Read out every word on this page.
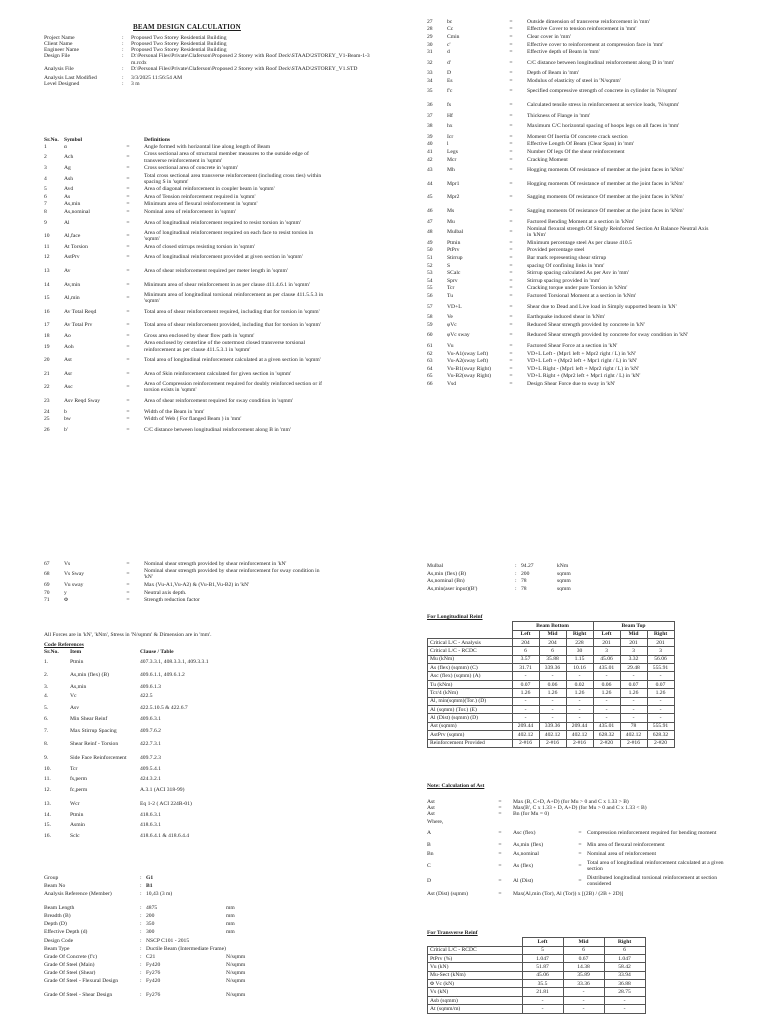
BEAM DESIGN CALCULATION
Project Name	:	Proposed Two Storey Residential Building
Client Name	:	Proposed Two Storey Residential Building
Engineer Name	:	Proposed Two Storey Residential Building
Design File	:	D:\Personal Files\Private\Claferson\Proposed 2 Storey with Roof Deck\STAAD\2STOREY_V1-Beam-1-3 m.rcdx
Analysis File	:	D:\Personal Files\Private\Claferson\Proposed 2 Storey with Roof Deck\STAAD\2STOREY_V1.STD

Analysis Last Modified	:	3/3/2025 11:56:54 AM
Level Designed	:	3 m
Sr.No.	Symbol		Definitions
1	α	=	Angle formed with horizontal line along length of Beam
2	Ach	=	Cross sectional area of structural member measures to the outside edge of transverse reinforcement in 'sqmm'
3	Ag	=	Cross sectional area of concrete in 'sqmm'
4	Ash	=	Total cross sectional area transverse reinforcement (including cross ties) within spacing S in 'sqmm'
5	Avd	=	Area of diagonal reinforcement in coupler beam in 'sqmm'
6	As	=	Area of Tension reinforcement required in 'sqmm'
7	As,min	=	Minimum area of flexural reinforcement in 'sqmm'
8	As,nominal	=	Nominal area of reinforcement in 'sqmm'
9	Al	=	Area of longitudinal reinforcement required to resist torsion in 'sqmm'
10	Al,face	=	Area of longitudinal reinforcement required on each face to resist torsion in 'sqmm'
11	At Torsion	=	Area of closed stirrups resisting torsion in 'sqmm'
12	AstPrv	=	Area of longitudinal reinforcement provided at given section in 'sqmm'
13	Av	=	Area of shear reinforcement required per meter length in 'sqmm'
14	Av,min	=	Minimum area of shear reinforcement in as per clause 411.4.6.1 in 'sqmm'
15	Al,min	=	Minimum area of longitudinal torsional reinforcement as per clause 411.5.5.3 in 'sqmm'
16	Av Total Reqd	=	Total area of shear reinforcement required, including that for torsion in 'sqmm'
17	Av Total Prv	=	Total area of shear reinforcement provided, including that for torsion in 'sqmm'
18	Ao	=	Gross area enclosed by shear flow path in 'sqmm'
19	Aoh	=	Area enclosed by centerline of the outermost closed transverse torsional reinforcement as per clause 411.5.3.1 in 'sqmm'
20	Ast	=	Total area of longitudinal reinforcement calculated at a given section in 'sqmm'
21	Asr	=	Area of Skin reinforcement calculated for given section in 'sqmm'
22	Asc	=	Area of Compression reinforcement required for doubly reinforced section or if torsion exists in 'sqmm'
23	Asv Reqd Sway	=	Area of shear reinforcement required for sway condition in 'sqmm'
24	b	=	Width of the Beam in 'mm'
25	bw	=	Width of Web ( For flanged Beam ) in 'mm'
26	b'	=	C/C distance between longitudinal reinforcement along B in 'mm'
27	bc	=	Outside dimension of transverse reinforcement in 'mm'
28	Cc	=	Effective Cover to tension reinforcement in 'mm'
29	Cmin	=	Clear cover in 'mm'
30	c'	=	Effective cover to reinforcement at compression face in 'mm'
31	d	=	Effective depth of Beam in 'mm'
32	d'	=	C/C distance between longitudinal reinforcement along D in 'mm'
33	D	=	Depth of Beam in 'mm'
34	Es	=	Modulus of elasticity of steel in 'N/sqmm'
35	f'c	=	Specified compressive strength of concrete in cylinder in 'N/sqmm'
36	fs	=	Calculated tensile stress in reinforcement at service loads, 'N/sqmm'
37	Hf	=	Thickness of Flange in 'mm'
38	hx	=	Maximum C/C horizontal spacing of hoops legs on all faces in 'mm'
39	Icr	=	Moment Of Inertia Of concrete crack section
40	l	=	Effective Length Of Beam (Clear Span) in 'mm'
41	Legs	=	Number Of legs Of the shear reinforcement
42	Mcr	=	Cracking Moment
43	Mh	=	Hogging moments Of resistance of member at the joint faces in 'kNm'
44	Mpr1	=	Hogging moments Of resistance of member at the joint faces in 'kNm'
45	Mpr2	=	Sagging moments Of resistance Of member at the joint faces in 'kNm'
46	Ms	=	Sagging moments Of resistance Of member at the joint faces in 'kNm'
47	Mu	=	Factored Bending Moment at a section in 'kNm'
48	Mulbal	=	Nominal flexural strength Of Singly Reinforced Section At Balance Neutral Axis in 'kNm'
49	Ptmin	=	Minimum percentage steel As per clause 410.5
50	PtPrv	=	Provided percentage steel
51	Stirrup	=	Bar mark representing shear stirrup
52	S	=	spacing Of confining links in 'mm'
53	SCalc	=	Stirrup spacing calculated As per Asv in 'mm'
54	Sprv	=	Stirrup spacing provided in 'mm'
55	Tcr	=	Cracking torque under pure Torsion in 'kNm'
56	Tu	=	Factored Torsional Moment at a section in 'kNm'
57	VD+L	=	Shear due to Dead and Live load in Simply supported beam in 'kN'
58	Ve	=	Earthquake induced shear in 'kNm'
59	φVc	=	Reduced Shear strength provided by concrete in 'kN'
60	φVc sway	=	Reduced Shear strength provided by concrete for sway condition in 'kN'
61	Vu	=	Factored Shear Force at a section in 'kN'
62	Vu-A1(sway Left)	=	VD+L Left - (Mpr1 left + Mpr2 right / L) in 'kN'
63	Vu-A2(sway Left)	=	VD+L Left + (Mpr2 left + Mpr1 right / L) in 'kN'
64	Vu-B1(sway Right)	=	VD+L Right - (Mpr1 left + Mpr2 right / L) in 'kN'
65	Vu-B2(sway Right)	=	VD+L Right + (Mpr2 left + Mpr1 right / L) in 'kN'
66	Vsd	=	Design Shear Force due to sway in 'kN'
67	Vs	=	Nominal shear strength provided by shear reinforcement in 'kN'
68	Vs Sway	=	Nominal shear strength provided by shear reinforcement for sway condition in 'kN'
69	Vu sway	=	Max (Vu-A1,Vu-A2) & (Vu-B1,Vu-B2) in 'kN'
70	y	=	Neutral axis depth.
71	Φ	=	Strength reduction factor
All Forces are in 'kN', 'kNm', Stress in 'N/sqmm' & Dimension are in 'mm'.
Code References
Sr.No.	Item	Clause / Table
1.	Ptmin	407.3.3.1, 408.3.3.1, 409.3.3.1
2.	As,min (flex) (B)	409.6.1.1, 409.6.1.2
3.	As,min	409.6.1.3
4.	Vc	422.5
5.	Asv	422.5.10.5 & 422.6.7
6.	Min Shear Reinf	409.6.3.1
7.	Max Stirrup Spacing	409.7.6.2
8.	Shear Reinf - Torsion	422.7.3.1
9.	Side Face Reinforcement	409.7.2.3
10.	Tcr	409.5.4.1
11.	fs,perm	424.3.2.1
12.	fc,perm	A.3.1 (ACI 318-99)
13.	Wcr	Eq 1-2 ( ACI 224R-01)
14.	Ptmin	418.6.3.1
15.	Asmin	418.6.3.1
16.	Sclc	418.6.4.1 & 418.6.4.4
Group	:	G1	
Beam No	:	B1	
Analysis Reference (Member)	:	10,43 (3 m)	
Beam Length	:	4875	mm
Breadth (B)	:	200	mm
Depth (D)	:	350	mm
Effective Depth (d)	:	300	mm
Design Code	:	NSCP C101 - 2015	
Beam Type	:	Ductile Beam (Intermediate Frame)	
Grade Of Concrete (f'c)	:	C21	N/sqmm
Grade Of Steel (Main)	:	Fy420	N/sqmm
Grade Of Steel (Shear)	:	Fy276	N/sqmm
Grade Of Steel - Flexural Design	:	Fy420	N/sqmm
Grade Of Steel - Shear Design	:	Fy276	N/sqmm
Mulbal	:	94.27	kNm
As,min (flex) (B)	:	200	sqmm
As,nominal (Bn)	:	78	sqmm
As,min(aser input)(B')	:	78	sqmm
For Longitudinal Reinf
	Beam Bottom			Beam Top		
	Left	Mid	Right	Left	Mid	Right
Critical L/C - Analysis	204	204	228	201	201	201
Critical L/C - RCDC	6	6	30	3	3	3
Mu (kNm)	3.57	35.88	1.15	45.06	3.32	56.06
As (flex) (sqmm) (C)	31.71	339.36	10.16	435.01	29.48	555.91
Asc (flex) (sqmm) (A)	-	-	-	-	-	-
Tu (kNm)	0.07	0.06	0.02	0.06	0.07	0.07
Tcr/4 (kNm)	1.26	1.26	1.26	1.26	1.26	1.26
Al, min(sqmm)(Tor.) (D)	-	-	-	-	-	-
Al (sqmm) (Tor.) (E)	-	-	-	-	-	-
Al (Dist) (sqmm) (D)	-	-	-	-	-	-
Ast (sqmm)	209.44	339.36	209.44	435.01	78	555.91
AstPrv (sqmm)	402.12	402.12	402.12	628.32	402.12	628.32
Reinforcement Provided	2-#16	2-#16	2-#16	2-#20	2-#16	2-#20
Note: Calculation of Ast
Ast	=	Max (B, C+D, A+D) (for Mu > 0 and C x 1.33 > B)
Ast	=	Max(B', C x 1.33 + D, A+D) (for Mu > 0 and C x 1.33 < B)
Ast	=	Bn (for Mu = 0)
Where,
A	=	Asc (flex)	=	Compression reinforcement required for bending moment
B	=	As,min (flex)	=	Min area of flexural reinforcement
Bn	=	As,nominal	=	Nominal area of reinforcement
C	=	As (flex)	=	Total area of longitudinal reinforcement calculated at a given section
D	=	Al (Dist)	=	Distributed longitudinal torsional reinforcement at section considered
Ast (Dist) (sqmm)	=	Max(Al,min (Tor), Al (Tor)) x [(2B) / (2B + 2D)]
For Transverse Reinf
	Left	Mid	Right
Critical L/C - RCDC	5	6	6
PtPrv (%)	1.047	0.67	1.047
Vu (kN)	51.87	14.38	58.42
Mu-Sect (kNm)	45.06	35.89	33.94
Φ Vc (kN)	35.5	33.36	36.88
Vs (kN)	21.81	-	28.75
Asb (sqmm)	-	-	-
At (sqmm/m)	-	-	-
